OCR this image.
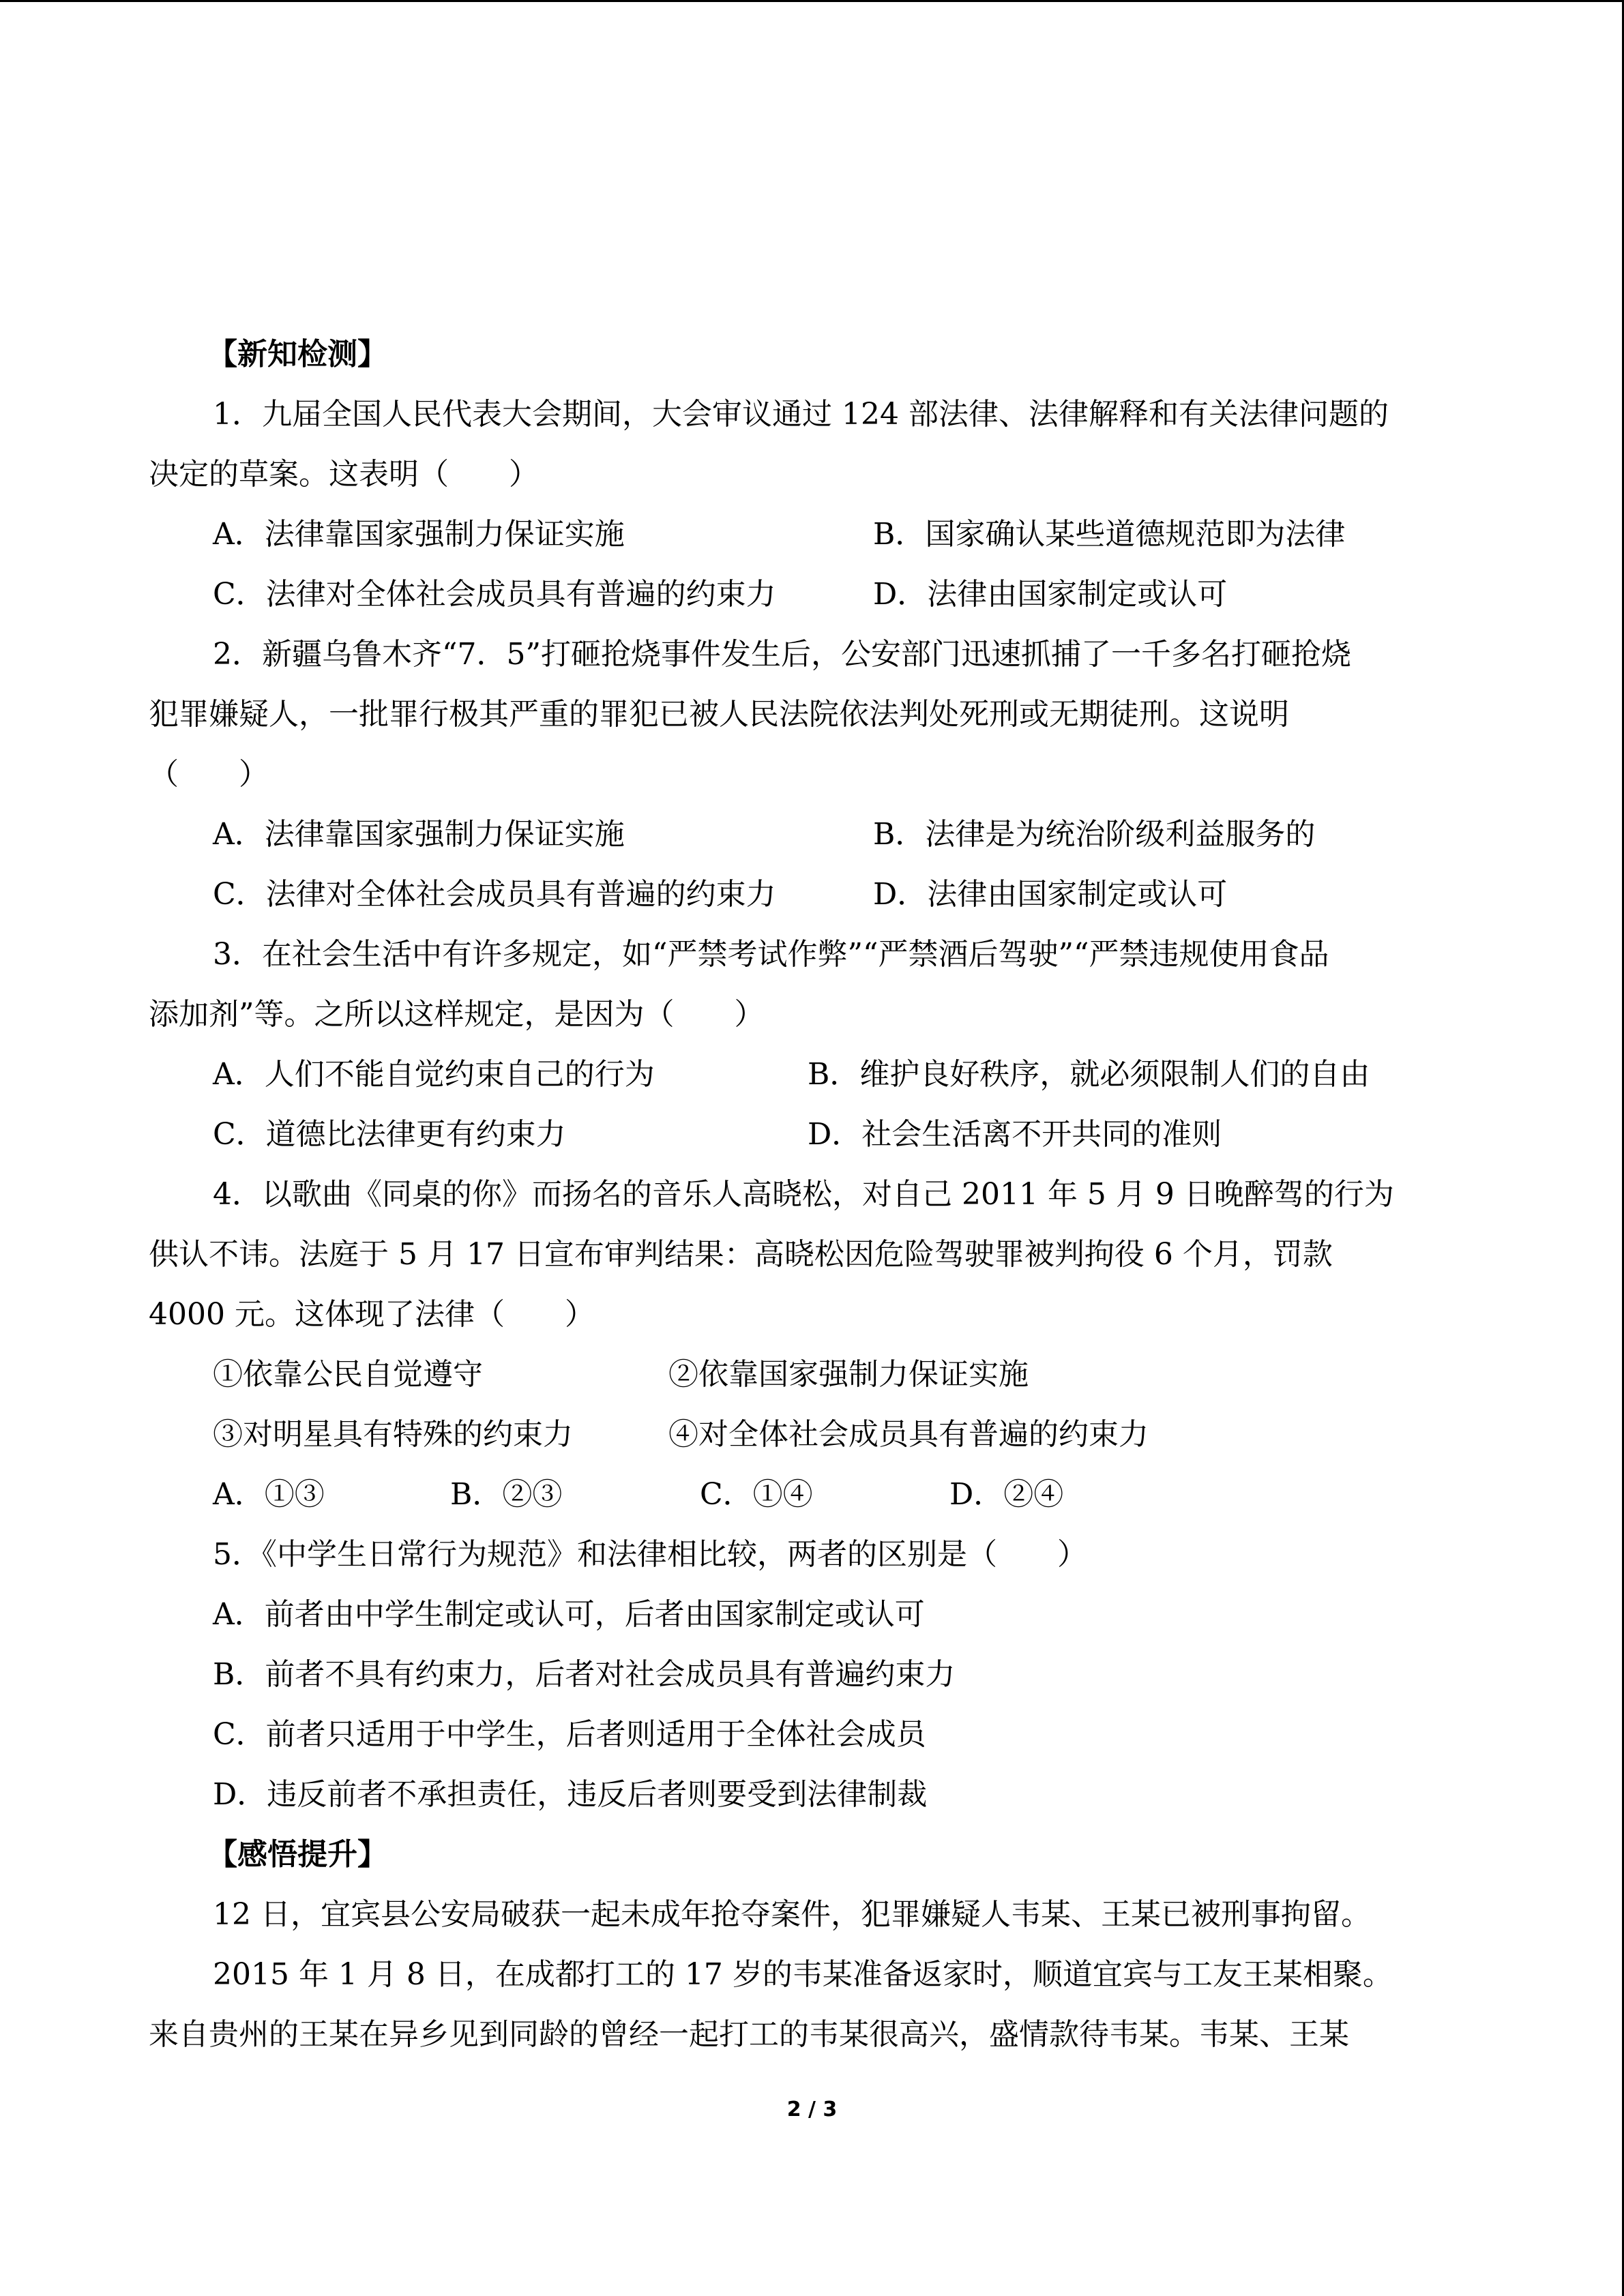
【新知检测】
1．九届全国人民代表大会期间，大会审议通过 124 部法律、法律解释和有关法律问题的
决定的草案。这表明（　　）
A．法律靠国家强制力保证实施	B．国家确认某些道德规范即为法律
C．法律对全体社会成员具有普遍的约束力	D．法律由国家制定或认可
2．新疆乌鲁木齐“7．5”打砸抢烧事件发生后，公安部门迅速抓捕了一千多名打砸抢烧
犯罪嫌疑人，一批罪行极其严重的罪犯已被人民法院依法判处死刑或无期徒刑。这说明
（　　）
A．法律靠国家强制力保证实施	B．法律是为统治阶级利益服务的
C．法律对全体社会成员具有普遍的约束力	D．法律由国家制定或认可
3．在社会生活中有许多规定，如“严禁考试作弊”“严禁酒后驾驶”“严禁违规使用食品
添加剂”等。之所以这样规定，是因为（　　）
A．人们不能自觉约束自己的行为	B．维护良好秩序，就必须限制人们的自由
C．道德比法律更有约束力	D．社会生活离不开共同的准则
4．以歌曲《同桌的你》而扬名的音乐人高晓松，对自己 2011 年 5 月 9 日晚醉驾的行为
供认不讳。法庭于 5 月 17 日宣布审判结果：高晓松因危险驾驶罪被判拘役 6 个月，罚款
4000 元。这体现了法律（　　）
①依靠公民自觉遵守	②依靠国家强制力保证实施
③对明星具有特殊的约束力	④对全体社会成员具有普遍的约束力
A．①③	B．②③	C．①④	D．②④
5．《中学生日常行为规范》和法律相比较，两者的区别是（　　）
A．前者由中学生制定或认可，后者由国家制定或认可
B．前者不具有约束力，后者对社会成员具有普遍约束力
C．前者只适用于中学生，后者则适用于全体社会成员
D．违反前者不承担责任，违反后者则要受到法律制裁
【感悟提升】
12 日，宜宾县公安局破获一起未成年抢夺案件，犯罪嫌疑人韦某、王某已被刑事拘留。
2015 年 1 月 8 日，在成都打工的 17 岁的韦某准备返家时，顺道宜宾与工友王某相聚。
来自贵州的王某在异乡见到同龄的曾经一起打工的韦某很高兴，盛情款待韦某。韦某、王某
2 / 3
